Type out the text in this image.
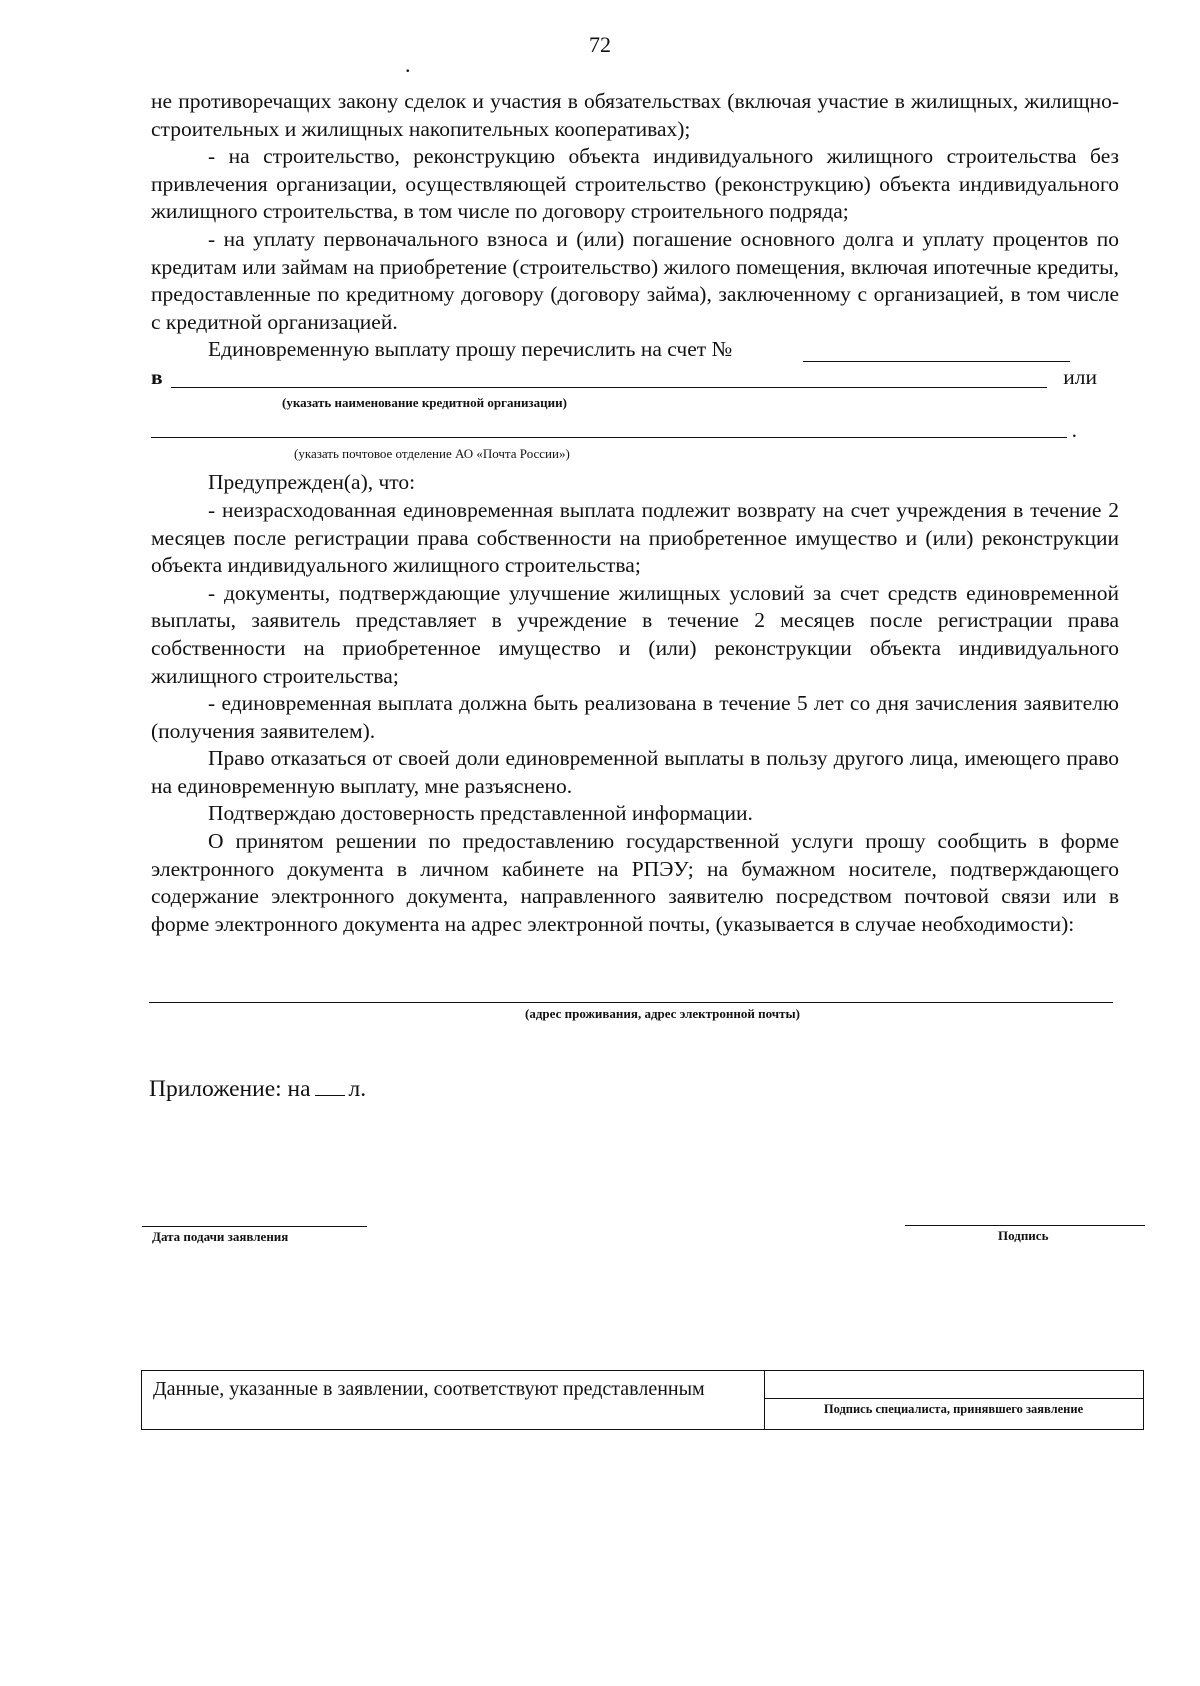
72
.

не противоречащих закону сделок и участия в обязательствах (включая участие в жилищных, жилищно-строительных и жилищных накопительных кооперативах);

- на строительство, реконструкцию объекта индивидуального жилищного строительства без привлечения организации, осуществляющей строительство (реконструкцию) объекта индивидуального жилищного строительства, в том числе по договору строительного подряда;

- на уплату первоначального взноса и (или) погашение основного долга и уплату процентов по кредитам или займам на приобретение (строительство) жилого помещения, включая ипотечные кредиты, предоставленные по кредитному договору (договору займа), заключенному с организацией, в том числе с кредитной организацией.

Единовременную выплату прошу перечислить на счет №
в	или
(указать наименование кредитной организации)
.
(указать почтовое отделение АО «Почта России»)

Предупрежден(а), что:

- неизрасходованная единовременная выплата подлежит возврату на счет учреждения в течение 2 месяцев после регистрации права собственности на приобретенное имущество и (или) реконструкции объекта индивидуального жилищного строительства;

- документы, подтверждающие улучшение жилищных условий за счет средств единовременной выплаты, заявитель представляет в учреждение в течение 2 месяцев после регистрации права собственности на приобретенное имущество и (или) реконструкции объекта индивидуального жилищного строительства;

- единовременная выплата должна быть реализована в течение 5 лет со дня зачисления заявителю (получения заявителем).

Право отказаться от своей доли единовременной выплаты в пользу другого лица, имеющего право на единовременную выплату, мне разъяснено.

Подтверждаю достоверность представленной информации.

О принятом решении по предоставлению государственной услуги прошу сообщить в форме электронного документа в личном кабинете на РПЭУ; на бумажном носителе, подтверждающего содержание электронного документа, направленного заявителю посредством почтовой связи или в форме электронного документа на адрес электронной почты, (указывается в случае необходимости):

(адрес проживания, адрес электронной почты)
Приложение: на л.
Дата подачи заявления	Подпись
Данные, указанные в заявлении, соответствуют представленным
Подпись специалиста, принявшего заявление
